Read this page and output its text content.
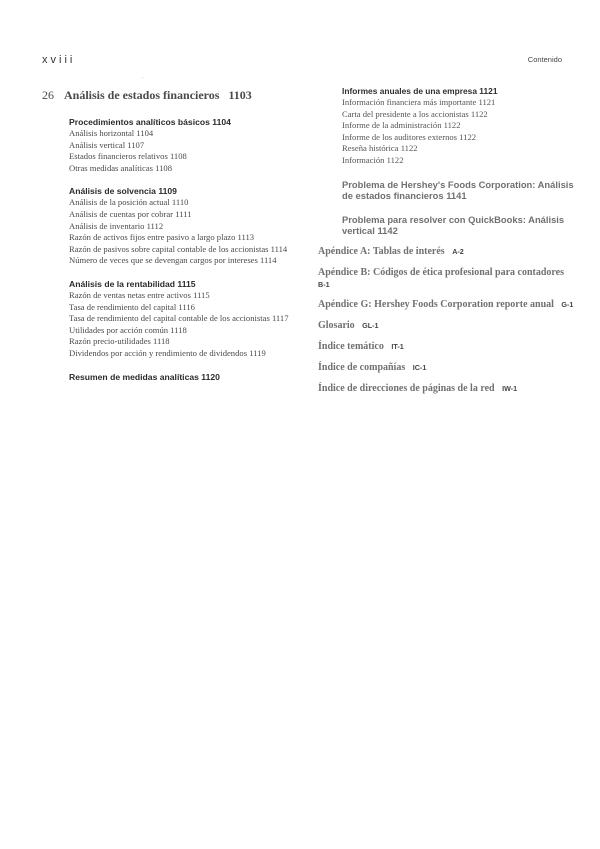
xviii	Contenido
.
26 Análisis de estados financieros 1103
Procedimientos analíticos básicos 1104
Análisis horizontal 1104
Análisis vertical 1107
Estados financieros relativos 1108
Otras medidas analíticas 1108
Análisis de solvencia 1109
Análisis de la posición actual 1110
Análisis de cuentas por cobrar 1111
Análisis de inventario 1112
Razón de activos fijos entre pasivo a largo plazo 1113
Razón de pasivos sobre capital contable de los accionistas 1114
Número de veces que se devengan cargos por intereses 1114
Análisis de la rentabilidad 1115
Razón de ventas netas entre activos 1115
Tasa de rendimiento del capital 1116
Tasa de rendimiento del capital contable de los accionistas 1117
Utilidades por acción común 1118
Razón precio-utilidades 1118
Dividendos por acción y rendimiento de dividendos 1119
Resumen de medidas analíticas 1120
Informes anuales de una empresa 1121
Información financiera más importante 1121
Carta del presidente a los accionistas 1122
Informe de la administración 1122
Informe de los auditores externos 1122
Reseña histórica 1122
Información 1122
Problema de Hershey's Foods Corporation: Análisis de estados financieros 1141
Problema para resolver con QuickBooks: Análisis vertical 1142
Apéndice A: Tablas de interés A-2
Apéndice B: Códigos de ética profesional para contadores   B-1
Apéndice G: Hershey Foods Corporation reporte anual G-1
Glosario GL-1
Índice temático IT-1
Índice de compañías IC-1
Índice de direcciones de páginas de la red IW-1
